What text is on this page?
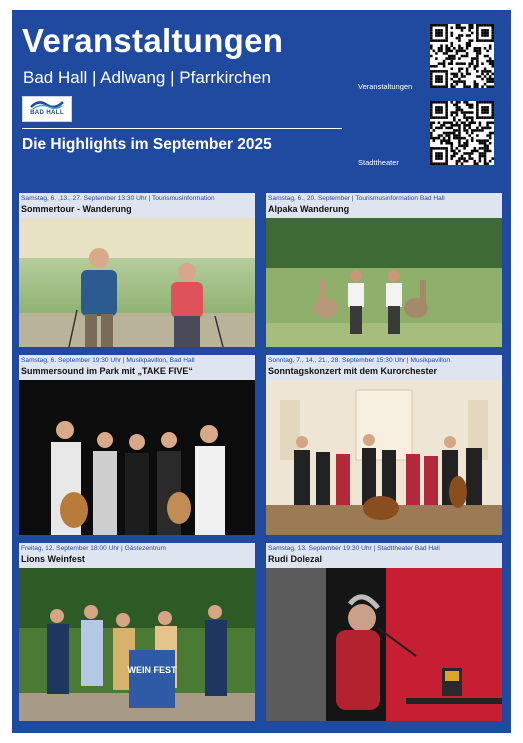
Veranstaltungen
Bad Hall | Adlwang | Pfarrkirchen
BAD HALL
Die Highlights im September 2025
Veranstaltungen
Stadttheater
Samstag, 6. ,13., 27. September 13:30 Uhr | Tourismusinformation
Sommertour - Wanderung
Samstag, 6., 20. September | Tourismusinformation Bad Hall
Alpaka Wanderung
Samstag, 6. September 19:30 Uhr | Musikpavillon, Bad Hall
Summersound im Park mit „TAKE FIVE“
Sonntag, 7., 14., 21., 28. September 15:30 Uhr | Musikpavillon
Sonntagskonzert mit dem Kurorchester
Freitag, 12. September 18:00 Uhr | Gästezentrum
Lions Weinfest
WEIN FEST
Samstag, 13. September 19:30 Uhr | Stadttheater Bad Hall
Rudi Dolezal
